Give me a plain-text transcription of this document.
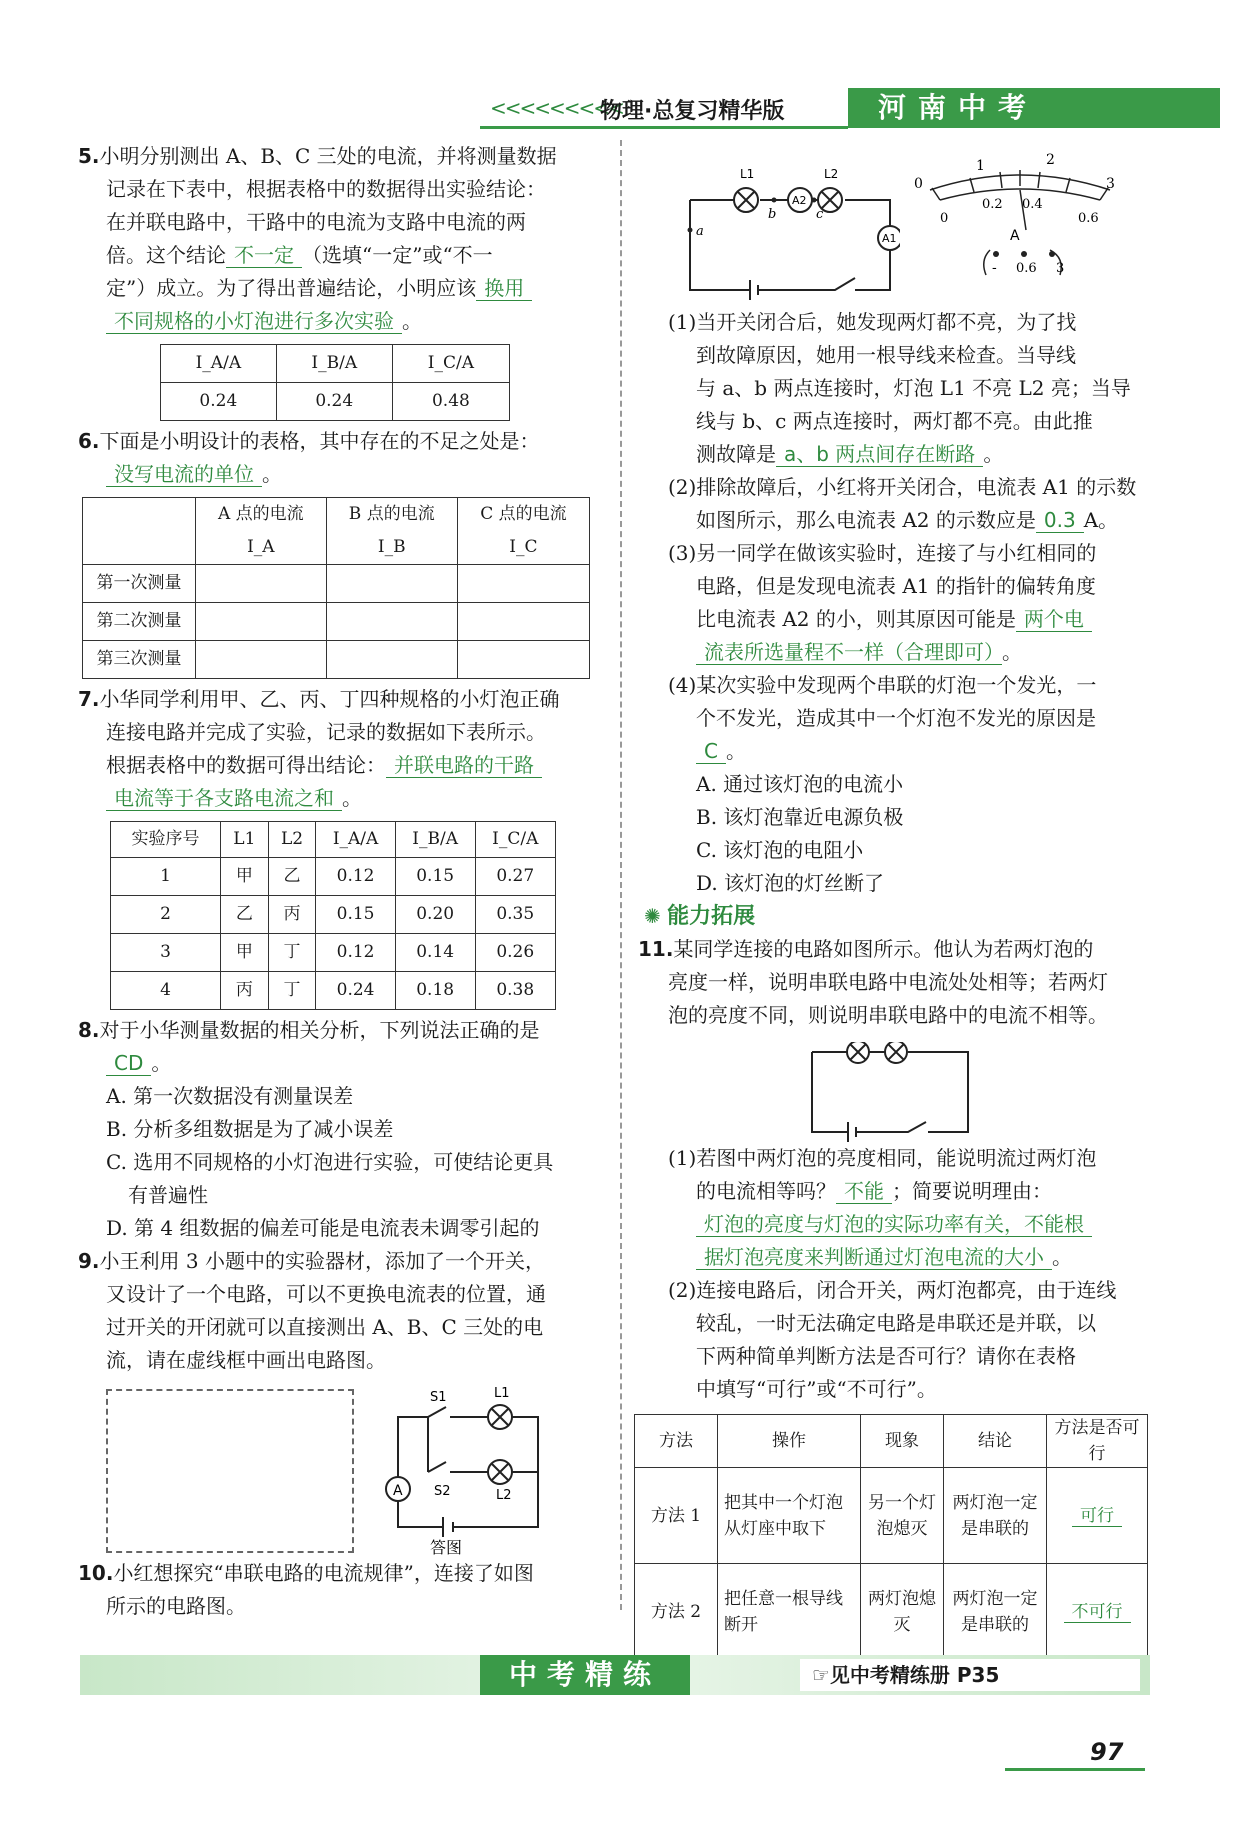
<<<<<<<<<
物理·总复习精华版	河南中考

5.小明分别测出 A、B、C 三处的电流，并将测量数据

记录在下表中，根据表格中的数据得出实验结论：

在并联电路中，干路中的电流为支路中电流的两

倍。这个结论 不一定 （选填“一定”或“不一

定”）成立。为了得出普遍结论，小明应该 换用

不同规格的小灯泡进行多次实验 。

I_A/A	I_B/A	I_C/A
0.24	0.24	0.48

6.下面是小明设计的表格，其中存在的不足之处是：

没写电流的单位 。

	A 点的电流 I_A	B 点的电流 I_B	C 点的电流 I_C
第一次测量			
第二次测量			
第三次测量			

7.小华同学利用甲、乙、丙、丁四种规格的小灯泡正确

连接电路并完成了实验，记录的数据如下表所示。

根据表格中的数据可得出结论： 并联电路的干路

电流等于各支路电流之和 。

实验序号	L1	L2	I_A/A	I_B/A	I_C/A
1	甲	乙	0.12	0.15	0.27
2	乙	丙	0.15	0.20	0.35
3	甲	丁	0.12	0.14	0.26
4	丙	丁	0.24	0.18	0.38

8.对于小华测量数据的相关分析，下列说法正确的是

CD 。

A. 第一次数据没有测量误差

B. 分析多组数据是为了减小误差

C. 选用不同规格的小灯泡进行实验，可使结论更具

有普遍性

D. 第 4 组数据的偏差可能是电流表未调零引起的

9.小王利用 3 小题中的实验器材，添加了一个开关，

又设计了一个电路，可以不更换电流表的位置，通

过开关的开闭就可以直接测出 A、B、C 三处的电

流，请在虚线框中画出电路图。

A
S1	L1
S2	L2
答图

10.小红想探究“串联电路的电流规律”，连接了如图

所示的电路图。

a
b	c
L1	L2
A2
A1
1	2
0	3
0.2 0.4
0	0.6
A
- 0.6 3

(1)当开关闭合后，她发现两灯都不亮，为了找

到故障原因，她用一根导线来检查。当导线

与 a、b 两点连接时，灯泡 L1 不亮 L2 亮；当导

线与 b、c 两点连接时，两灯都不亮。由此推

测故障是 a、b 两点间存在断路 。

(2)排除故障后，小红将开关闭合，电流表 A1 的示数

如图所示，那么电流表 A2 的示数应是 0.3 A。

(3)另一同学在做该实验时，连接了与小红相同的

电路，但是发现电流表 A1 的指针的偏转角度

比电流表 A2 的小，则其原因可能是 两个电

流表所选量程不一样（合理即可） 。

(4)某次实验中发现两个串联的灯泡一个发光，一

个不发光，造成其中一个灯泡不发光的原因是

C 。

A. 通过该灯泡的电流小

B. 该灯泡靠近电源负极

C. 该灯泡的电阻小

D. 该灯泡的灯丝断了

✺ 能力拓展

11.某同学连接的电路如图所示。他认为若两灯泡的

亮度一样，说明串联电路中电流处处相等；若两灯

泡的亮度不同，则说明串联电路中的电流不相等。

(1)若图中两灯泡的亮度相同，能说明流过两灯泡

的电流相等吗？ 不能 ；简要说明理由：

灯泡的亮度与灯泡的实际功率有关，不能根

据灯泡亮度来判断通过灯泡电流的大小 。

(2)连接电路后，闭合开关，两灯泡都亮，由于连线

较乱，一时无法确定电路是串联还是并联，以

下两种简单判断方法是否可行？请你在表格

中填写“可行”或“不可行”。

方法	操作	现象	结论	方法是否可行
方法 1	把其中一个灯泡从灯座中取下	另一个灯泡熄灭	两灯泡一定是串联的	可行
方法 2	把任意一根导线断开	两灯泡熄灭	两灯泡一定是串联的	不可行
中考精练	☞见中考精练册 P35
97
